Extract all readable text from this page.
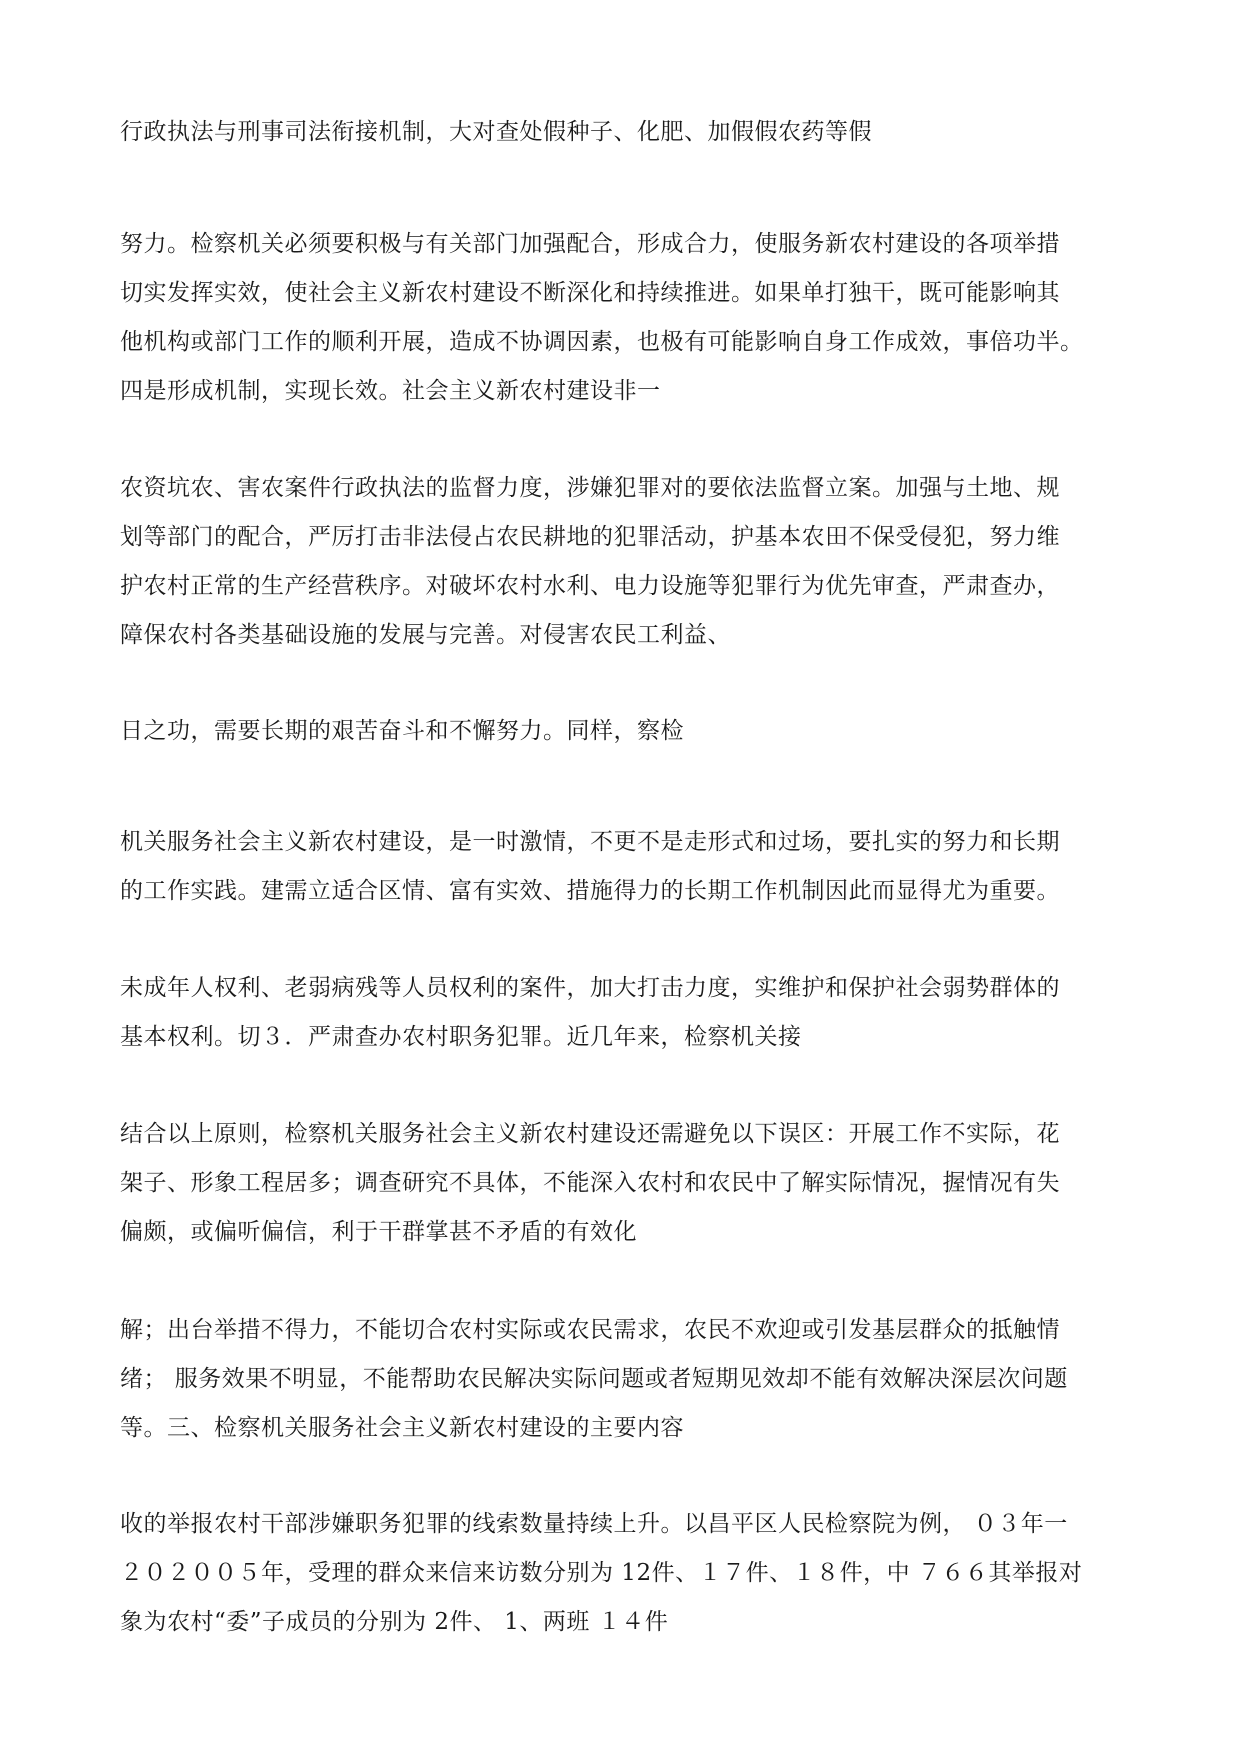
行政执法与刑事司法衔接机制，大对查处假种子、化肥、加假假农药等假

努力。检察机关必须要积极与有关部门加强配合，形成合力，使服务新农村建设的各项举措
切实发挥实效，使社会主义新农村建设不断深化和持续推进。如果单打独干，既可能影响其
他机构或部门工作的顺利开展，造成不协调因素，也极有可能影响自身工作成效，事倍功半。
四是形成机制，实现长效。社会主义新农村建设非一

农资坑农、害农案件行政执法的监督力度，涉嫌犯罪对的要依法监督立案。加强与土地、规
划等部门的配合，严厉打击非法侵占农民耕地的犯罪活动，护基本农田不保受侵犯，努力维
护农村正常的生产经营秩序。对破坏农村水利、电力设施等犯罪行为优先审查，严肃查办，
障保农村各类基础设施的发展与完善。对侵害农民工利益、

日之功，需要长期的艰苦奋斗和不懈努力。同样，察检

机关服务社会主义新农村建设，是一时激情，不更不是走形式和过场，要扎实的努力和长期
的工作实践。建需立适合区情、富有实效、措施得力的长期工作机制因此而显得尤为重要。

未成年人权利、老弱病残等人员权利的案件，加大打击力度，实维护和保护社会弱势群体的
基本权利。切３．严肃查办农村职务犯罪。近几年来，检察机关接

结合以上原则，检察机关服务社会主义新农村建设还需避免以下误区：开展工作不实际，花
架子、形象工程居多；调查研究不具体，不能深入农村和农民中了解实际情况，握情况有失
偏颇，或偏听偏信，利于干群掌甚不矛盾的有效化

解；出台举措不得力，不能切合农村实际或农民需求，农民不欢迎或引发基层群众的抵触情
绪； 服务效果不明显，不能帮助农民解决实际问题或者短期见效却不能有效解决深层次问题
等。三、检察机关服务社会主义新农村建设的主要内容

收的举报农村干部涉嫌职务犯罪的线索数量持续上升。以昌平区人民检察院为例， ０３年一
２０２００５年，受理的群众来信来访数分别为 12件、１７件、１８件，中 ７６６其举报对
象为农村“委”子成员的分别为 2件、 1、两班 １４件
